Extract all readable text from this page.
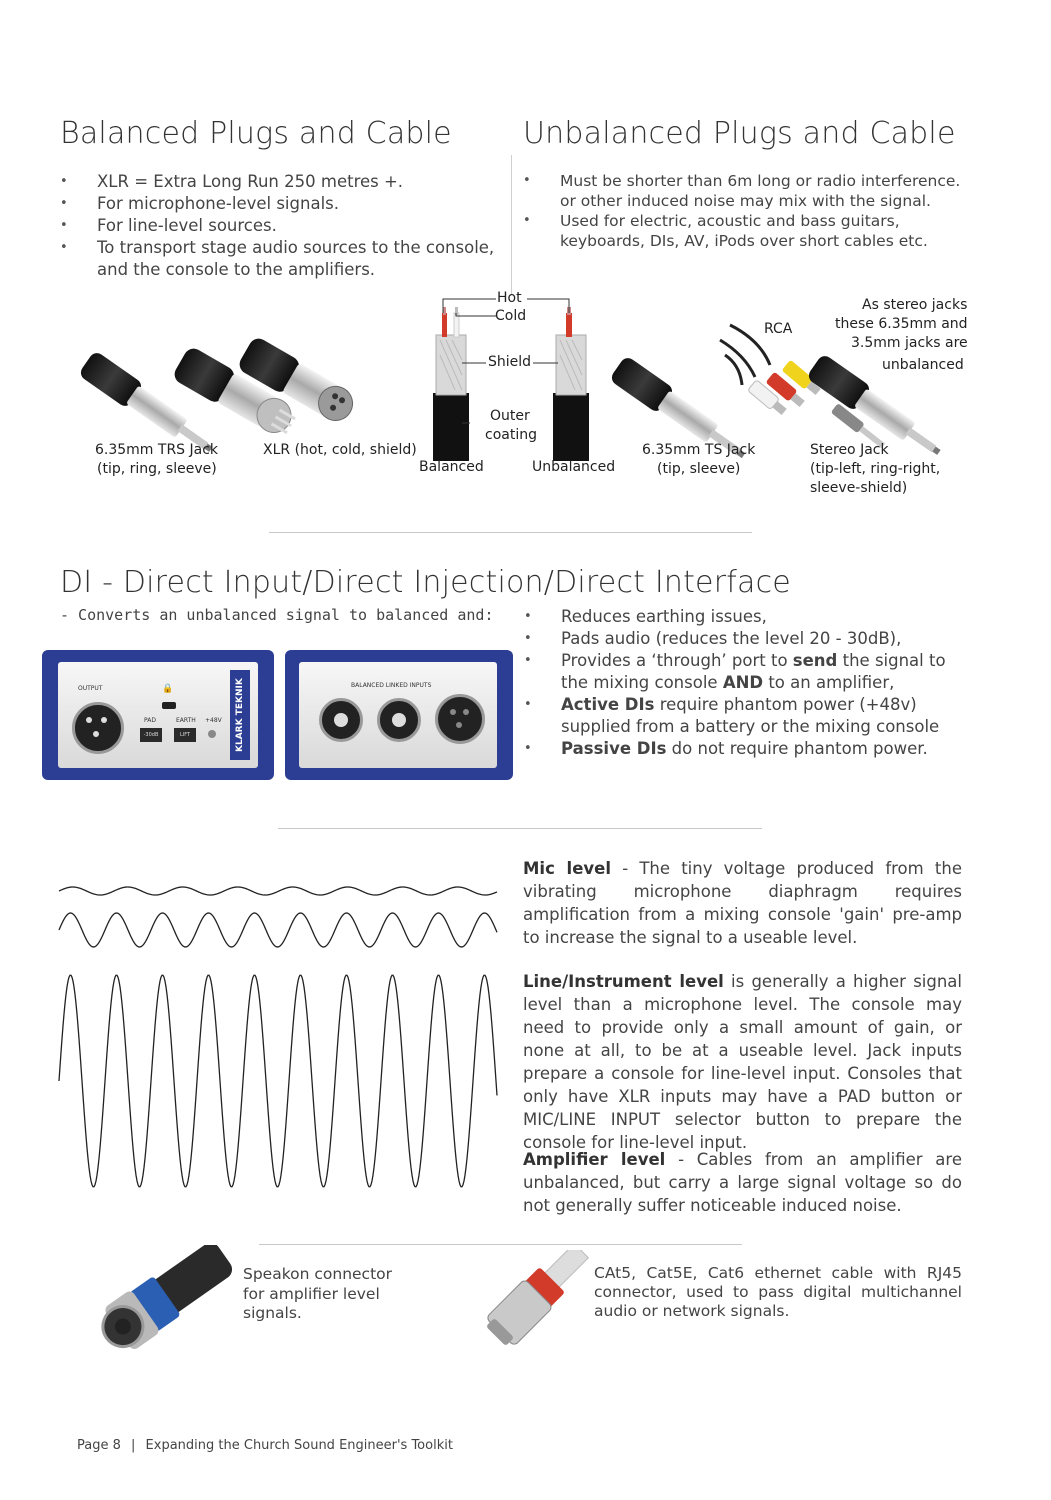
Balanced Plugs and Cable Unbalanced Plugs and Cable
• XLR = Extra Long Run 250 metres +.
• For microphone-level signals.
• For line-level sources.
• To transport stage audio sources to the console, and the console to the amplifiers.
• Must be shorter than 6m long or radio interference. or other induced noise may mix with the signal.
• Used for electric, acoustic and bass guitars, keyboards, DIs, AV, iPods over short cables etc.
6.35mm TRS Jack
(tip, ring, sleeve)
XLR (hot, cold, shield)
Hot
Cold
Shield
Outer
coating
Balanced	Unbalanced
6.35mm TS Jack
(tip, sleeve)
RCA
As stereo jacks
these 6.35mm and
3.5mm jacks are
unbalanced
Stereo Jack
(tip-left, ring-right,
sleeve-shield)
DI - Direct Input/Direct Injection/Direct Interface
- Converts an unbalanced signal to balanced and:
OUTPUT	🔒
PAD
-30dB
EARTH
LIFT
+48V	KLARK TEKNIK	BALANCED LINKED INPUTS
• Reduces earthing issues,
• Pads audio (reduces the level 20 - 30dB),
• Provides a ‘through’ port to send the signal to the mixing console AND to an amplifier,
• Active DIs require phantom power (+48v) supplied from a battery or the mixing console
• Passive DIs do not require phantom power.
Mic level - The tiny voltage produced from the vibrating microphone diaphragm requires amplification from a mixing console 'gain' pre-amp to increase the signal to a useable level.
Line/Instrument level is generally a higher signal level than a microphone level. The console may need to provide only a small amount of gain, or none at all, to be at a useable level. Jack inputs prepare a console for line-level input. Consoles that only have XLR inputs may have a PAD button or MIC/LINE INPUT selector button to prepare the console for line-level input.
Amplifier level - Cables from an amplifier are unbalanced, but carry a large signal voltage so do not generally suffer noticeable induced noise.
Speakon connector for amplifier level signals.
CAt5, Cat5E, Cat6 ethernet cable with RJ45 connector, used to pass digital multichannel audio or network signals.
Page 8 | Expanding the Church Sound Engineer's Toolkit
